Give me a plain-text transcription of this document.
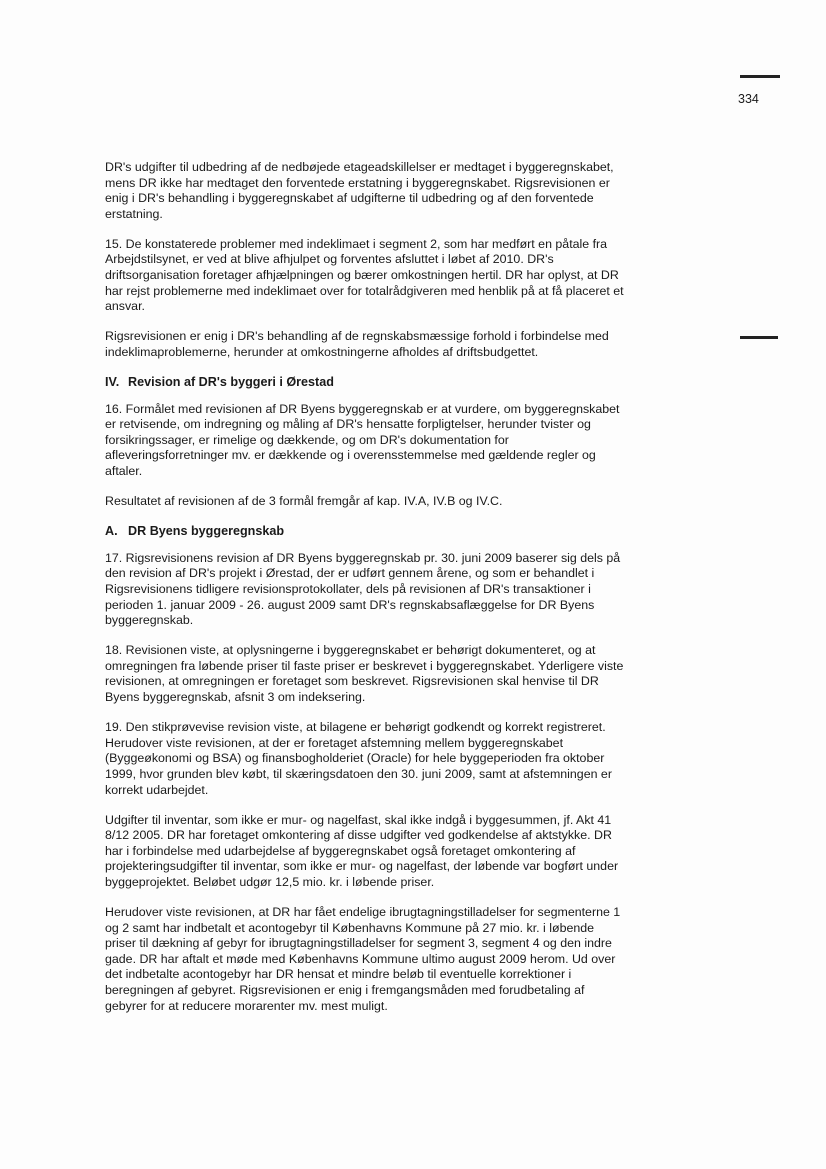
334

DR's udgifter til udbedring af de nedbøjede etageadskillelser er medtaget i byggeregnskabet, mens DR ikke har medtaget den forventede erstatning i byggeregnskabet. Rigsrevisionen er enig i DR's behandling i byggeregnskabet af udgifterne til udbedring og af den forventede erstatning.

15. De konstaterede problemer med indeklimaet i segment 2, som har medført en påtale fra Arbejdstilsynet, er ved at blive afhjulpet og forventes afsluttet i løbet af 2010. DR's driftsorganisation foretager afhjælpningen og bærer omkostningen hertil. DR har oplyst, at DR har rejst problemerne med indeklimaet over for totalrådgiveren med henblik på at få placeret et ansvar.

Rigsrevisionen er enig i DR's behandling af de regnskabsmæssige forhold i forbindelse med indeklimaproblemerne, herunder at omkostningerne afholdes af driftsbudgettet.

IV. Revision af DR's byggeri i Ørestad

16. Formålet med revisionen af DR Byens byggeregnskab er at vurdere, om byggeregnskabet er retvisende, om indregning og måling af DR's hensatte forpligtelser, herunder tvister og forsikringssager, er rimelige og dækkende, og om DR's dokumentation for afleveringsforretninger mv. er dækkende og i overensstemmelse med gældende regler og aftaler.

Resultatet af revisionen af de 3 formål fremgår af kap. IV.A, IV.B og IV.C.

A. DR Byens byggeregnskab

17. Rigsrevisionens revision af DR Byens byggeregnskab pr. 30. juni 2009 baserer sig dels på den revision af DR's projekt i Ørestad, der er udført gennem årene, og som er behandlet i Rigsrevisionens tidligere revisionsprotokollater, dels på revisionen af DR's transaktioner i perioden 1. januar 2009 - 26. august 2009 samt DR's regnskabsaflæggelse for DR Byens byggeregnskab.

18. Revisionen viste, at oplysningerne i byggeregnskabet er behørigt dokumenteret, og at omregningen fra løbende priser til faste priser er beskrevet i byggeregnskabet. Yderligere viste revisionen, at omregningen er foretaget som beskrevet. Rigsrevisionen skal henvise til DR Byens byggeregnskab, afsnit 3 om indeksering.

19. Den stikprøvevise revision viste, at bilagene er behørigt godkendt og korrekt registreret. Herudover viste revisionen, at der er foretaget afstemning mellem byggeregnskabet (Byggeøkonomi og BSA) og finansbogholderiet (Oracle) for hele byggeperioden fra oktober 1999, hvor grunden blev købt, til skæringsdatoen den 30. juni 2009, samt at afstemningen er korrekt udarbejdet.

Udgifter til inventar, som ikke er mur- og nagelfast, skal ikke indgå i byggesummen, jf. Akt 41 8/12 2005. DR har foretaget omkontering af disse udgifter ved godkendelse af aktstykke. DR har i forbindelse med udarbejdelse af byggeregnskabet også foretaget omkontering af projekteringsudgifter til inventar, som ikke er mur- og nagelfast, der løbende var bogført under byggeprojektet. Beløbet udgør 12,5 mio. kr. i løbende priser.

Herudover viste revisionen, at DR har fået endelige ibrugtagningstilladelser for segmenterne 1 og 2 samt har indbetalt et acontogebyr til Københavns Kommune på 27 mio. kr. i løbende priser til dækning af gebyr for ibrugtagningstilladelser for segment 3, segment 4 og den indre gade. DR har aftalt et møde med Københavns Kommune ultimo august 2009 herom. Ud over det indbetalte acontogebyr har DR hensat et mindre beløb til eventuelle korrektioner i beregningen af gebyret. Rigsrevisionen er enig i fremgangsmåden med forudbetaling af gebyrer for at reducere morarenter mv. mest muligt.
